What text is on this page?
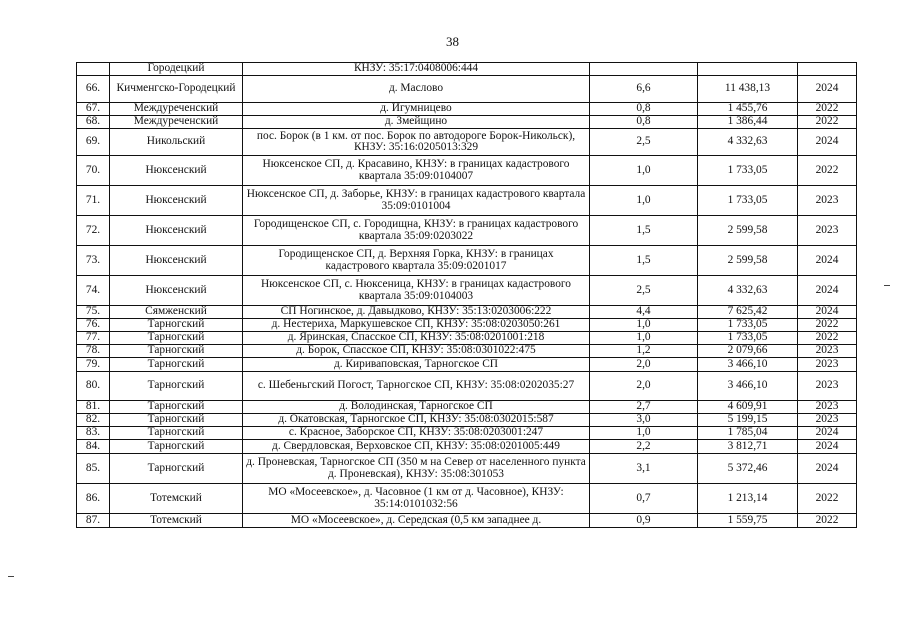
38
	Городецкий	КНЗУ: 35:17:0408006:444			
66.	Кичменгско-Городецкий	д. Маслово	6,6	11 438,13	2024
67.	Междуреченский	д. Игумницево	0,8	1 455,76	2022
68.	Междуреченский	д. Змейщино	0,8	1 386,44	2022
69.	Никольский	пос. Борок (в 1 км. от пос. Борок по автодороге Борок-Никольск), КНЗУ: 35:16:0205013:329	2,5	4 332,63	2024
70.	Нюксенский	Нюксенское СП, д. Красавино, КНЗУ: в границах кадастрового квартала 35:09:0104007	1,0	1 733,05	2022
71.	Нюксенский	Нюксенское СП, д. Заборье, КНЗУ: в границах кадастрового квартала 35:09:0101004	1,0	1 733,05	2023
72.	Нюксенский	Городищенское СП, с. Городищна, КНЗУ: в границах кадастрового квартала 35:09:0203022	1,5	2 599,58	2023
73.	Нюксенский	Городищенское СП, д. Верхняя Горка, КНЗУ: в границах кадастрового квартала 35:09:0201017	1,5	2 599,58	2024
74.	Нюксенский	Нюксенское СП, с. Нюксеница, КНЗУ: в границах кадастрового квартала 35:09:0104003	2,5	4 332,63	2024
75.	Сямженский	СП Ногинское, д. Давыдково, КНЗУ: 35:13:0203006:222	4,4	7 625,42	2024
76.	Тарногский	д. Нестериха, Маркушевское СП, КНЗУ: 35:08:0203050:261	1,0	1 733,05	2022
77.	Тарногский	д. Яринская, Спасское СП, КНЗУ: 35:08:0201001:218	1,0	1 733,05	2022
78.	Тарногский	д. Борок, Спасское СП, КНЗУ: 35:08:0301022:475	1,2	2 079,66	2023
79.	Тарногский	д. Кириваповская, Тарногское СП	2,0	3 466,10	2023
80.	Тарногский	с. Шебеньгский Погост, Тарногское СП, КНЗУ: 35:08:0202035:27	2,0	3 466,10	2023
81.	Тарногский	д. Володинская, Тарногское СП	2,7	4 609,91	2023
82.	Тарногский	д. Окатовская, Тарногское СП, КНЗУ: 35:08:0302015:587	3,0	5 199,15	2023
83.	Тарногский	с. Красное, Заборское СП, КНЗУ: 35:08:0203001:247	1,0	1 785,04	2024
84.	Тарногский	д. Свердловская, Верховское СП, КНЗУ: 35:08:0201005:449	2,2	3 812,71	2024
85.	Тарногский	д. Проневская, Тарногское СП (350 м на Север от населенного пункта д. Проневская), КНЗУ: 35:08:301053	3,1	5 372,46	2024
86.	Тотемский	МО «Мосеевское», д. Часовное (1 км от д. Часовное), КНЗУ: 35:14:0101032:56	0,7	1 213,14	2022
87.	Тотемский	МО «Мосеевское», д. Середская (0,5 км западнее д.	0,9	1 559,75	2022
